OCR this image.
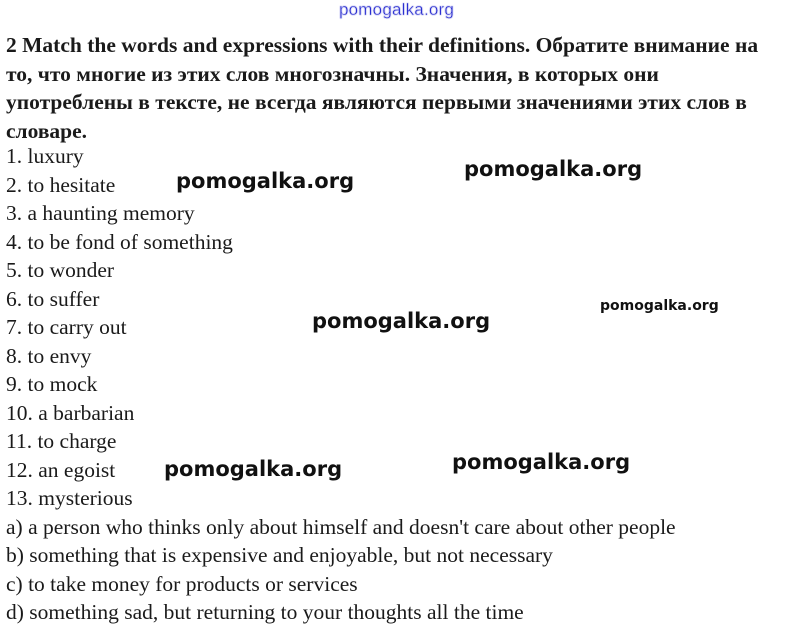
pomogalka.org

2 Match the words and expressions with their definitions. Обратите внимание на то, что многие из этих слов многозначны. Значения, в которых они употреблены в тексте, не всегда являются первыми значениями этих слов в словаре.

1. luxury
2. to hesitate
3. a haunting memory
4. to be fond of something
5. to wonder
6. to suffer
7. to carry out
8. to envy
9. to mock
10. a barbarian
11. to charge
12. an egoist
13. mysterious
a) a person who thinks only about himself and doesn't care about other people
b) something that is expensive and enjoyable, but not necessary
c) to take money for products or services
d) something sad, but returning to your thoughts all the time
pomogalka.org	pomogalka.org
pomogalka.org
pomogalka.org
pomogalka.org	pomogalka.org
